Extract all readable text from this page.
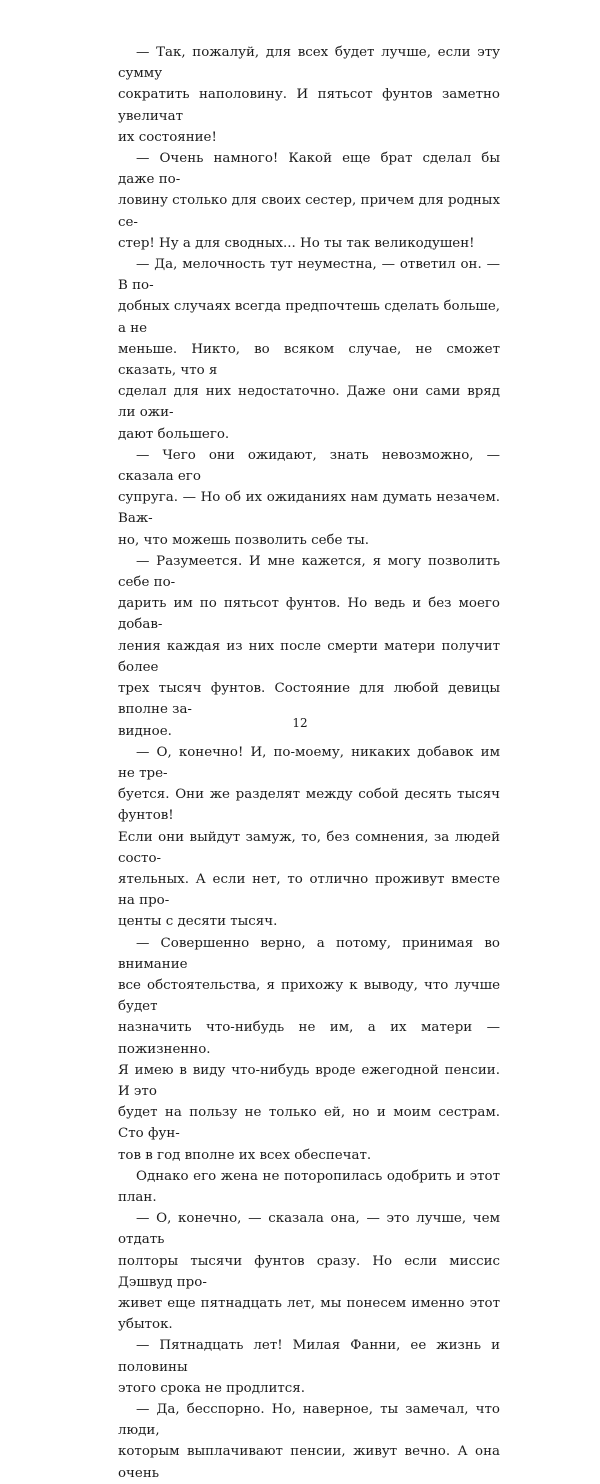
— Так, пожалуй, для всех будет лучше, если эту сумму
сократить наполовину. И пятьсот фунтов заметно увеличат
их состояние!

— Очень намного! Какой еще брат сделал бы даже по-
ловину столько для своих сестер, причем для родных се-
стер! Ну а для сводных... Но ты так великодушен!

— Да, мелочность тут неуместна, — ответил он. — В по-
добных случаях всегда предпочтешь сделать больше, а не
меньше. Никто, во всяком случае, не сможет сказать, что я
сделал для них недостаточно. Даже они сами вряд ли ожи-
дают большего.

— Чего они ожидают, знать невозможно, — сказала его
супруга. — Но об их ожиданиях нам думать незачем. Важ-
но, что можешь позволить себе ты.

— Разумеется. И мне кажется, я могу позволить себе по-
дарить им по пятьсот фунтов. Но ведь и без моего добав-
ления каждая из них после смерти матери получит более
трех тысяч фунтов. Состояние для любой девицы вполне за-
видное.

— О, конечно! И, по-моему, никаких добавок им не тре-
буется. Они же разделят между собой десять тысяч фунтов!
Если они выйдут замуж, то, без сомнения, за людей состо-
ятельных. А если нет, то отлично проживут вместе на про-
центы с десяти тысяч.

— Совершенно верно, а потому, принимая во внимание
все обстоятельства, я прихожу к выводу, что лучше будет
назначить что-нибудь не им, а их матери — пожизненно.
Я имею в виду что-нибудь вроде ежегодной пенсии. И это
будет на пользу не только ей, но и моим сестрам. Сто фун-
тов в год вполне их всех обеспечат.

Однако его жена не поторопилась одобрить и этот план.

— О, конечно, — сказала она, — это лучше, чем отдать
полторы тысячи фунтов сразу. Но если миссис Дэшвуд про-
живет еще пятнадцать лет, мы понесем именно этот убыток.

— Пятнадцать лет! Милая Фанни, ее жизнь и половины
этого срока не продлится.

— Да, бесспорно. Но, наверное, ты замечал, что люди,
которым выплачивают пенсии, живут вечно. А она очень

12
